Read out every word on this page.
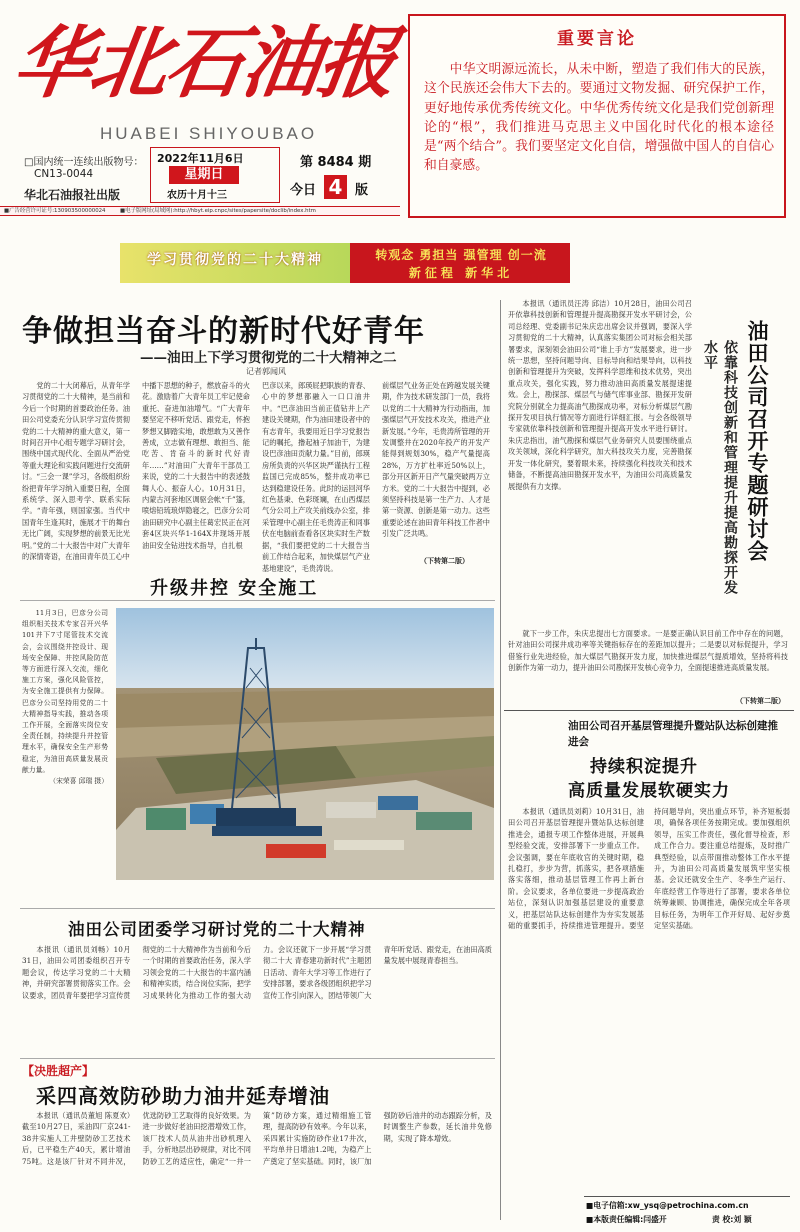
华北石油报
HUABEI SHIYOUBAO
□国内统一连续出版物号：
CN13-0044
华北石油报社出版
2022年11月6日
星期日
农历十月十三
第 8484 期
今日 4 版
重要言论
中华文明源远流长，从未中断，塑造了我们伟大的民族，这个民族还会伟大下去的。要通过文物发掘、研究保护工作，更好地传承优秀传统文化。中华优秀传统文化是我们党创新理论的“根”，我们推进马克思主义中国化时代化的根本途径是“两个结合”。我们要坚定文化自信，增强做中国人的自信心和自豪感。
■广告经营许可证号:130903500000024	■电子版网址(局域网):http://hbyt.eip.cnpc/sites/papersite/doclib/index.htm
学习贯彻党的二十大精神	转观念 勇担当 强管理 创一流
新征程 新华北
争做担当奋斗的新时代好青年
——油田上下学习贯彻党的二十大精神之二
记者郭闻风
党的二十大闭幕后，从青年学习贯彻党的二十大精神，是当前和今后一个时期的首要政治任务。油田公司党委充分认识学习宣传贯彻党的二十大精神的重大意义，第一时间召开中心组专题学习研讨会，围绕中国式现代化、全面从严治党等重大理论和实践问题进行交流研讨。“三会一课”学习，各级组织纷纷把青年学习纳入重要日程，全面系统学、深入思考学、联系实际学。“青年强，则国家强。当代中国青年生逢其时，施展才干的舞台无比广阔，实现梦想的前景无比光明。”党的二十大报告中对广大青年的深情寄语，在油田青年员工心中
中播下思想的种子，燃放奋斗的火花。激励着广大青年员工牢记使命重托、奋进加油增气。“广大青年要坚定不移听党话、跟党走，怀抱梦想又脚踏实地，敢想敢为又善作善成，立志做有理想、敢担当、能吃苦、肯奋斗的新时代好青年……”对油田广大青年干部员工来说，党的二十大报告中的表述鼓舞人心、振奋人心。10月31日，内蒙古河套地区调驱会帐“千”篷，喷熔铅琉琅焊隐寝之，巴彦分公司油田研究中心副主任葛宏民正在河套4区块兴华1-164X井现场开展油田安全钻进技术指导，自扎根
巴彦以来，郎瑛屁把职族的青春、心中的梦想都融入一口口油井中。“巴彦油田当前正值钻井上产建设关键期，作为油田建设者中的有志青年，我要用近日学习党报告记的嘱托，撸起袖子加油干，为建设巴彦油田贡献力量。”目前，郎瑛房所负责的兴华区块严谨执行工程监国已完成85%，整井成功率已达到稳建设任务。此时的运回河华红色基秉、色彩斑斓，在山西煤层气分公司上产攻关前线办公室，排采管理中心副主任毛贵涛正和同事伏在电脑前查看各区块实时生产数据，“我们要把党的二十大报告当前工作结合起来，加快煤层气产业基地建设”，毛贵涛说。
前煤层气业务正处在跨越发展关键期，作为技术研发部门一员，我将以党的二十大精神为行动指南，加强煤层气开发技术攻关，推进产业新发展。”今年，毛贵涛所管理的开发调整井在2020年投产的开发产能得到规划30%，稳产气量提高28%，万方扩杜率近50%以上，部分开区新开日产气量突破两万立方米。党的二十大报告中提到，必须坚持科技是第一生产力、人才是第一资源、创新是第一动力。这些重要论述在油田青年科技工作者中引发广泛共鸣。
（下转第二版）
本报讯（通讯员汪涛 邱洁）10月28日，油田公司召开依靠科技创新和管理提升提高勘探开发水平研讨会，公司总经理、党委副书记朱庆忠出席会议并强调，要深入学习贯彻党的二十大精神，认真落实集团公司对标会相关部署要求，深刻领会油田公司“谁上手方”发展要求，进一步统一思想，坚持问题导向、目标导向和结果导向，以科技创新和管理提升为突破，发挥科学思维和技术优势，突出重点攻关，强化实践，努力推动油田高质量发展提速提效。会上，勘探部、煤层气与储气库事业部、勘探开发研究院分别就全力提高油气勘探成功率，对标分析煤层气勘探开发项目执行情况等方面进行详细汇报。与会各级领导专家就依靠科技创新和管理提升提高开发水平进行研讨。朱庆忠指出，油气勘探和煤层气业务研究人员要围绕重点攻关领域，深化科学研究，加大科技攻关力度，完善勘探开发一体化研究，要着眼未来，持续强化科技攻关和技术储备，不断提高油田勘探开发水平，为油田公司高质量发展提供有力支撑。	依靠科技创新和管理提升提高勘探开发水平	油田公司召开专题研讨会
就下一步工作，朱庆忠提出七方面要求。一是要正确认识目前工作中存在的问题，针对油田公司探井成功率等关键指标存在的差距加以提升；二是要以对标促提升，学习借鉴行业先进经验，加大煤层气勘探开发力度，加快推进煤层气提质增效，坚持将科技创新作为第一动力，提升油田公司勘探开发核心竞争力，全面提速推进高质量发展。
（下转第二版）
升级井控 安全施工
11月3日，巴彦分公司组织相关技术专家召开兴华101井下7寸尾管技术交流会，会议围绕井控设计、现场安全保障、井控风险防范等方面进行深入交流，细化施工方案，强化风险管控，为安全施工提供有力保障。巴彦分公司坚持用党的二十大精神指导实践，推动各项工作开展，全面落实岗位安全责任制，持续提升井控管理水平，确保安全生产形势稳定，为油田高质量发展贡献力量。
（宋荣喜 邱瑞 摄）
油田公司团委学习研讨党的二十大精神
本报讯（通讯员刘畅）10月31日，油田公司团委组织召开专题会议，传达学习党的二十大精神，并研究部署贯彻落实工作。会议要求，团员青年要把学习宣传贯彻党的二十大精神作为当前和今后一个时期的首要政治任务，深入学习领会党的二十大报告的丰富内涵和精神实质，结合岗位实际，把学习成果转化为推动工作的强大动力。会议还就下一步开展“学习贯彻二十大 青春建功新时代”主题团日活动、青年大学习等工作进行了安排部署，要求各级团组织把学习宣传工作引向深入，团结带领广大青年听党话、跟党走，在油田高质量发展中展现青春担当。
【决胜超产】
采四高效防砂助力油井延寿增油
本报讯（通讯员董旭 陈夏欢）截至10月27日，采油四厂京241-38井实施人工井壁防砂工艺技术后，已平稳生产40天，累计增油75吨。这是该厂针对不同井况，优选防砂工艺取得的良好效果。为进一步做好老油田挖潜增效工作，该厂技术人员从油井出砂机理入手，分析地层出砂规律，对比不同防砂工艺的适应性，确定“一井一策”防砂方案，通过精细施工管理，提高防砂有效率。今年以来，采四累计实施防砂作业17井次，平均单井日增油1.2吨，为稳产上产奠定了坚实基础。同时，该厂加强防砂后油井的动态跟踪分析，及时调整生产参数，延长油井免修期，实现了降本增效。
油田公司召开基层管理提升暨站队达标创建推进会
持续积淀提升
高质量发展软硬实力
本报讯（通讯员刘莉）10月31日，油田公司召开基层管理提升暨站队达标创建推进会，通报专项工作整体进展，开展典型经验交流，安排部署下一步重点工作。会议强调，要在年底收官的关键时期，稳扎稳打，步步为营，抓落实，把各项措施落实落细，推动基层管理工作再上新台阶。会议要求，各单位要进一步提高政治站位，深刻认识加强基层建设的重要意义，把基层站队达标创建作为夯实发展基础的重要抓手，持续推进管理提升。要坚持问题导向，突出重点环节，补齐短板弱项，确保各项任务按期完成。要加强组织领导，压实工作责任，强化督导检查，形成工作合力。要注重总结提炼，及时推广典型经验，以点带面推动整体工作水平提升，为油田公司高质量发展筑牢坚实根基。会议还就安全生产、冬季生产运行、年底经营工作等进行了部署，要求各单位统筹兼顾、协调推进，确保完成全年各项目标任务，为明年工作开好局、起好步奠定坚实基础。
■电子信箱:xw_ysq@petrochina.com.cn
■本版责任编辑:闫盛开	责 校:刘 颖
